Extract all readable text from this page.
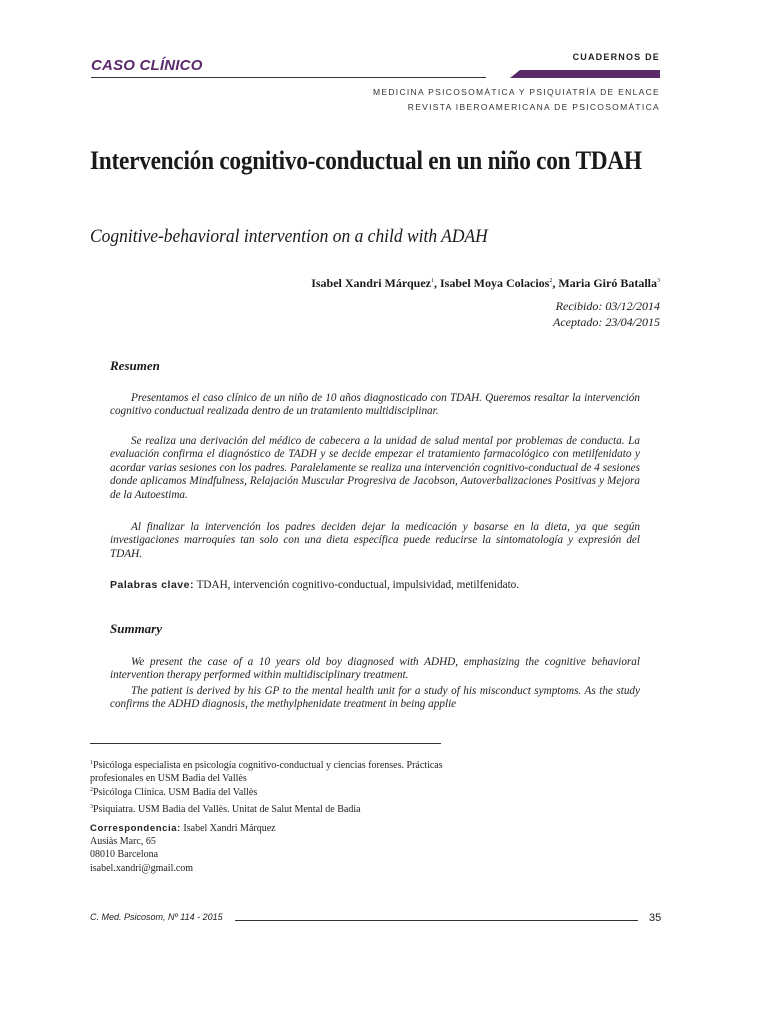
CASO CLÍNICO	CUADERNOS DE
MEDICINA PSICOSOMÁTICA Y PSIQUIATRÍA DE ENLACE
REVISTA IBEROAMERICANA DE PSICOSOMÁTICA
Intervención cognitivo-conductual en un niño con TDAH
Cognitive-behavioral intervention on a child with ADAH
Isabel Xandri Márquez$^1$, Isabel Moya Colacios$^2$, Maria Giró Batalla$^3$
Recibido: 03/12/2014
Aceptado: 23/04/2015
Resumen
Presentamos el caso clínico de un niño de 10 años diagnosticado con TDAH. Queremos resaltar la intervención cognitivo conductual realizada dentro de un tratamiento multidisciplinar.
Se realiza una derivación del médico de cabecera a la unidad de salud mental por problemas de conducta. La evaluación confirma el diagnóstico de TADH y se decide empezar el tratamiento farmacológico con metilfenidato y acordar varias sesiones con los padres. Paralelamente se realiza una intervención cognitivo-conductual de 4 sesiones donde aplicamos Mindfulness, Relajación Muscular Progresiva de Jacobson, Autoverbalizaciones Positivas y Mejora de la Autoestima.
Al finalizar la intervención los padres deciden dejar la medicación y basarse en la dieta, ya que según investigaciones marroquíes tan solo con una dieta específica puede reducirse la sintomatología y expresión del TDAH.
Palabras clave: TDAH, intervención cognitivo-conductual, impulsividad, metilfenidato.
Summary
We present the case of a 10 years old boy diagnosed with ADHD, emphasizing the cognitive behavioral intervention therapy performed within multidisciplinary treatment.
The patient is derived by his GP to the mental health unit for a study of his misconduct symptoms. As the study confirms the ADHD diagnosis, the methylphenidate treatment in being applie
$^1$Psicóloga especialista en psicología cognitivo-conductual y ciencias forenses. Prácticas profesionales en USM Badia del Vallès
$^2$Psicóloga Clínica. USM Badia del Vallès
$^3$Psiquiatra. USM Badia del Vallès. Unitat de Salut Mental de Badia
Correspondencia: Isabel Xandri Márquez
Ausiàs Marc, 65
08010 Barcelona
isabel.xandri@gmail.com
C. Med. Psicosom, Nº 114 - 2015	35
